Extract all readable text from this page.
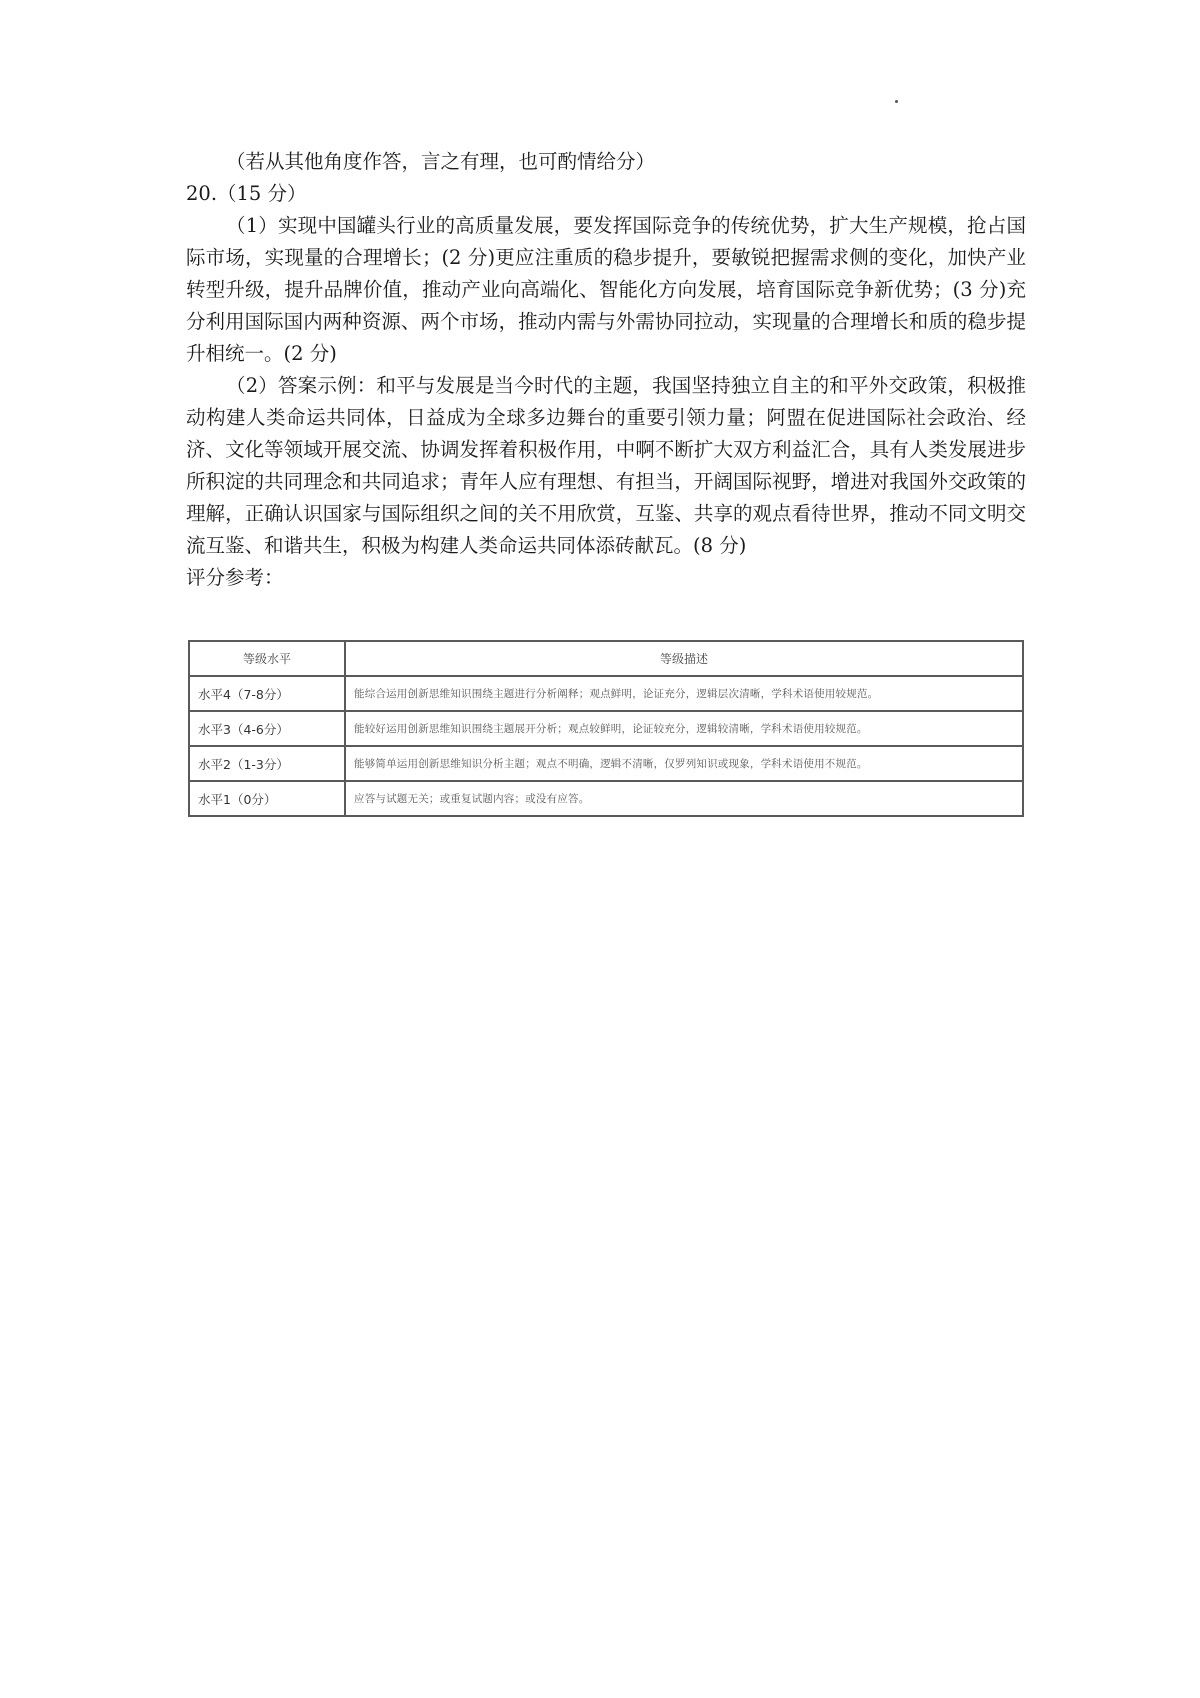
（若从其他角度作答，言之有理，也可酌情给分）

20.（15 分）

（1）实现中国罐头行业的高质量发展，要发挥国际竞争的传统优势，扩大生产规模，抢占国际市场，实现量的合理增长；(2 分)更应注重质的稳步提升，要敏锐把握需求侧的变化，加快产业转型升级，提升品牌价值，推动产业向高端化、智能化方向发展，培育国际竞争新优势；(3 分)充分利用国际国内两种资源、两个市场，推动内需与外需协同拉动，实现量的合理增长和质的稳步提升相统一。(2 分)

（2）答案示例：和平与发展是当今时代的主题，我国坚持独立自主的和平外交政策，积极推动构建人类命运共同体，日益成为全球多边舞台的重要引领力量；阿盟在促进国际社会政治、经济、文化等领域开展交流、协调发挥着积极作用，中啊不断扩大双方利益汇合，具有人类发展进步所积淀的共同理念和共同追求；青年人应有理想、有担当，开阔国际视野，增进对我国外交政策的理解，正确认识国家与国际组织之间的关不用欣赏，互鉴、共享的观点看待世界，推动不同文明交流互鉴、和谐共生，积极为构建人类命运共同体添砖献瓦。(8 分)

评分参考：

等级水平	等级描述
水平4（7-8分）	能综合运用创新思维知识围绕主题进行分析阐释；观点鲜明，论证充分，逻辑层次清晰，学科术语使用较规范。
水平3（4-6分）	能较好运用创新思维知识围绕主题展开分析；观点较鲜明，论证较充分，逻辑较清晰，学科术语使用较规范。
水平2（1-3分）	能够简单运用创新思维知识分析主题；观点不明确，逻辑不清晰，仅罗列知识或现象，学科术语使用不规范。
水平1（0分）	应答与试题无关；或重复试题内容；或没有应答。
